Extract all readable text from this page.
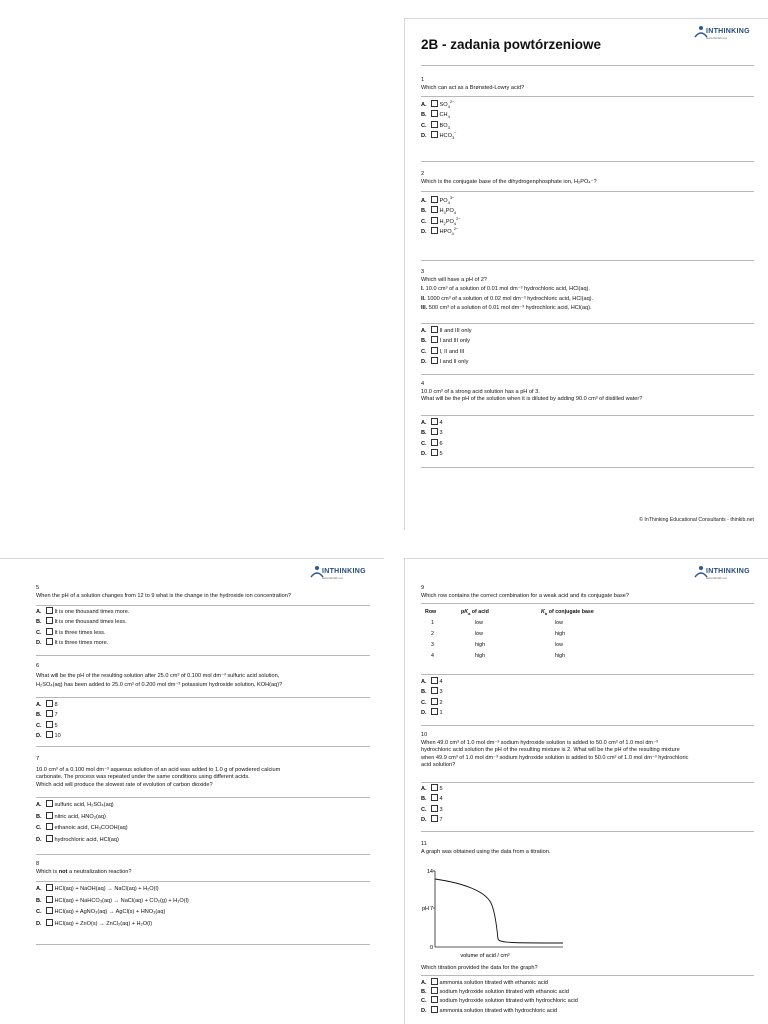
INTHINKING
www.thinkib.net
2B - zadania powtórzeniowe
1
Which can act as a Brønsted-Lowry acid?
A. $SO_4^{2-}$
B. $CH_4$
C. $BO_3$
D. $HCO_3^-$
2
Which is the conjugate base of the dihydrogenphosphate ion, H₂PO₄⁻?
A. $PO_4^{3-}$
B. $H_3PO_4$
C. $H_2PO_4^{2-}$
D. $HPO_4^{2-}$
3
Which will have a pH of 2?
I. 10.0 cm³ of a solution of 0.01 mol dm⁻³ hydrochloric acid, HCl(aq).
II. 1000 cm³ of a solution of 0.02 mol dm⁻³ hydrochloric acid, HCl(aq).
III. 500 cm³ of a solution of 0.01 mol dm⁻³ hydrochloric acid, HCl(aq).
A. II and III only
B. I and III only
C. I, II and III
D. I and II only
4
10.0 cm³ of a strong acid solution has a pH of 3.
What will be the pH of the solution when it is diluted by adding 90.0 cm³ of distilled water?
A. 4
B. 3
C. 6
D. 5
© InThinking Educational Consultants - thinkib.net
INTHINKING
www.thinkib.net
5
When the pH of a solution changes from 12 to 9 what is the change in the hydroxide ion concentration?
A. It is one thousand times more.
B. It is one thousand times less.
C. It is three times less.
D. It is three times more.
6
What will be the pH of the resulting solution after 25.0 cm³ of 0.100 mol dm⁻³ sulfuric acid solution,
H₂SO₄(aq) has been added to 25.0 cm³ of 0.200 mol dm⁻³ potassium hydroxide solution, KOH(aq)?
A. 8
B. 7
C. 5
D. 10
7
10.0 cm³ of a 0.100 mol dm⁻³ aqueous solution of an acid was added to 1.0 g of powdered calcium
carbonate. The process was repeated under the same conditions using different acids.
Which acid will produce the slowest rate of evolution of carbon dioxide?
A. sulfuric acid, H₂SO₄(aq)
B. nitric acid, HNO₃(aq)
C. ethanoic acid, CH₃COOH(aq)
D. hydrochloric acid, HCl(aq)
8
Which is not a neutralization reaction?
A. HCl(aq) + NaOH(aq) → NaCl(aq) + H₂O(l)
B. HCl(aq) + NaHCO₃(aq) → NaCl(aq) + CO₂(g) + H₂O(l)
C. HCl(aq) + AgNO₃(aq) → AgCl(s) + HNO₃(aq)
D. HCl(aq) + ZnO(s) → ZnCl₂(aq) + H₂O(l)
INTHINKING
www.thinkib.net
9
Which row contains the correct combination for a weak acid and its conjugate base?
Row	$pK_a$ of acid	$K_b$ of conjugate base
1	low	low
2	low	high
3	high	low
4	high	high
A. 4
B. 3
C. 2
D. 1
10
When 49.0 cm³ of 1.0 mol dm⁻³ sodium hydroxide solution is added to 50.0 cm³ of 1.0 mol dm⁻³
hydrochloric acid solution the pH of the resulting mixture is 2. What will be the pH of the resulting mixture
when 49.9 cm³ of 1.0 mol dm⁻³ sodium hydroxide solution is added to 50.0 cm³ of 1.0 mol dm⁻³ hydrochloric
acid solution?
A. 5
B. 4
C. 3
D. 7
11
A graph was obtained using the data from a titration.
14
7
0
pH
volume of acid / cm³
Which titration provided the data for the graph?
A. ammonia solution titrated with ethanoic acid
B. sodium hydroxide solution titrated with ethanoic acid
C. sodium hydroxide solution titrated with hydrochloric acid
D. ammonia solution titrated with hydrochloric acid
